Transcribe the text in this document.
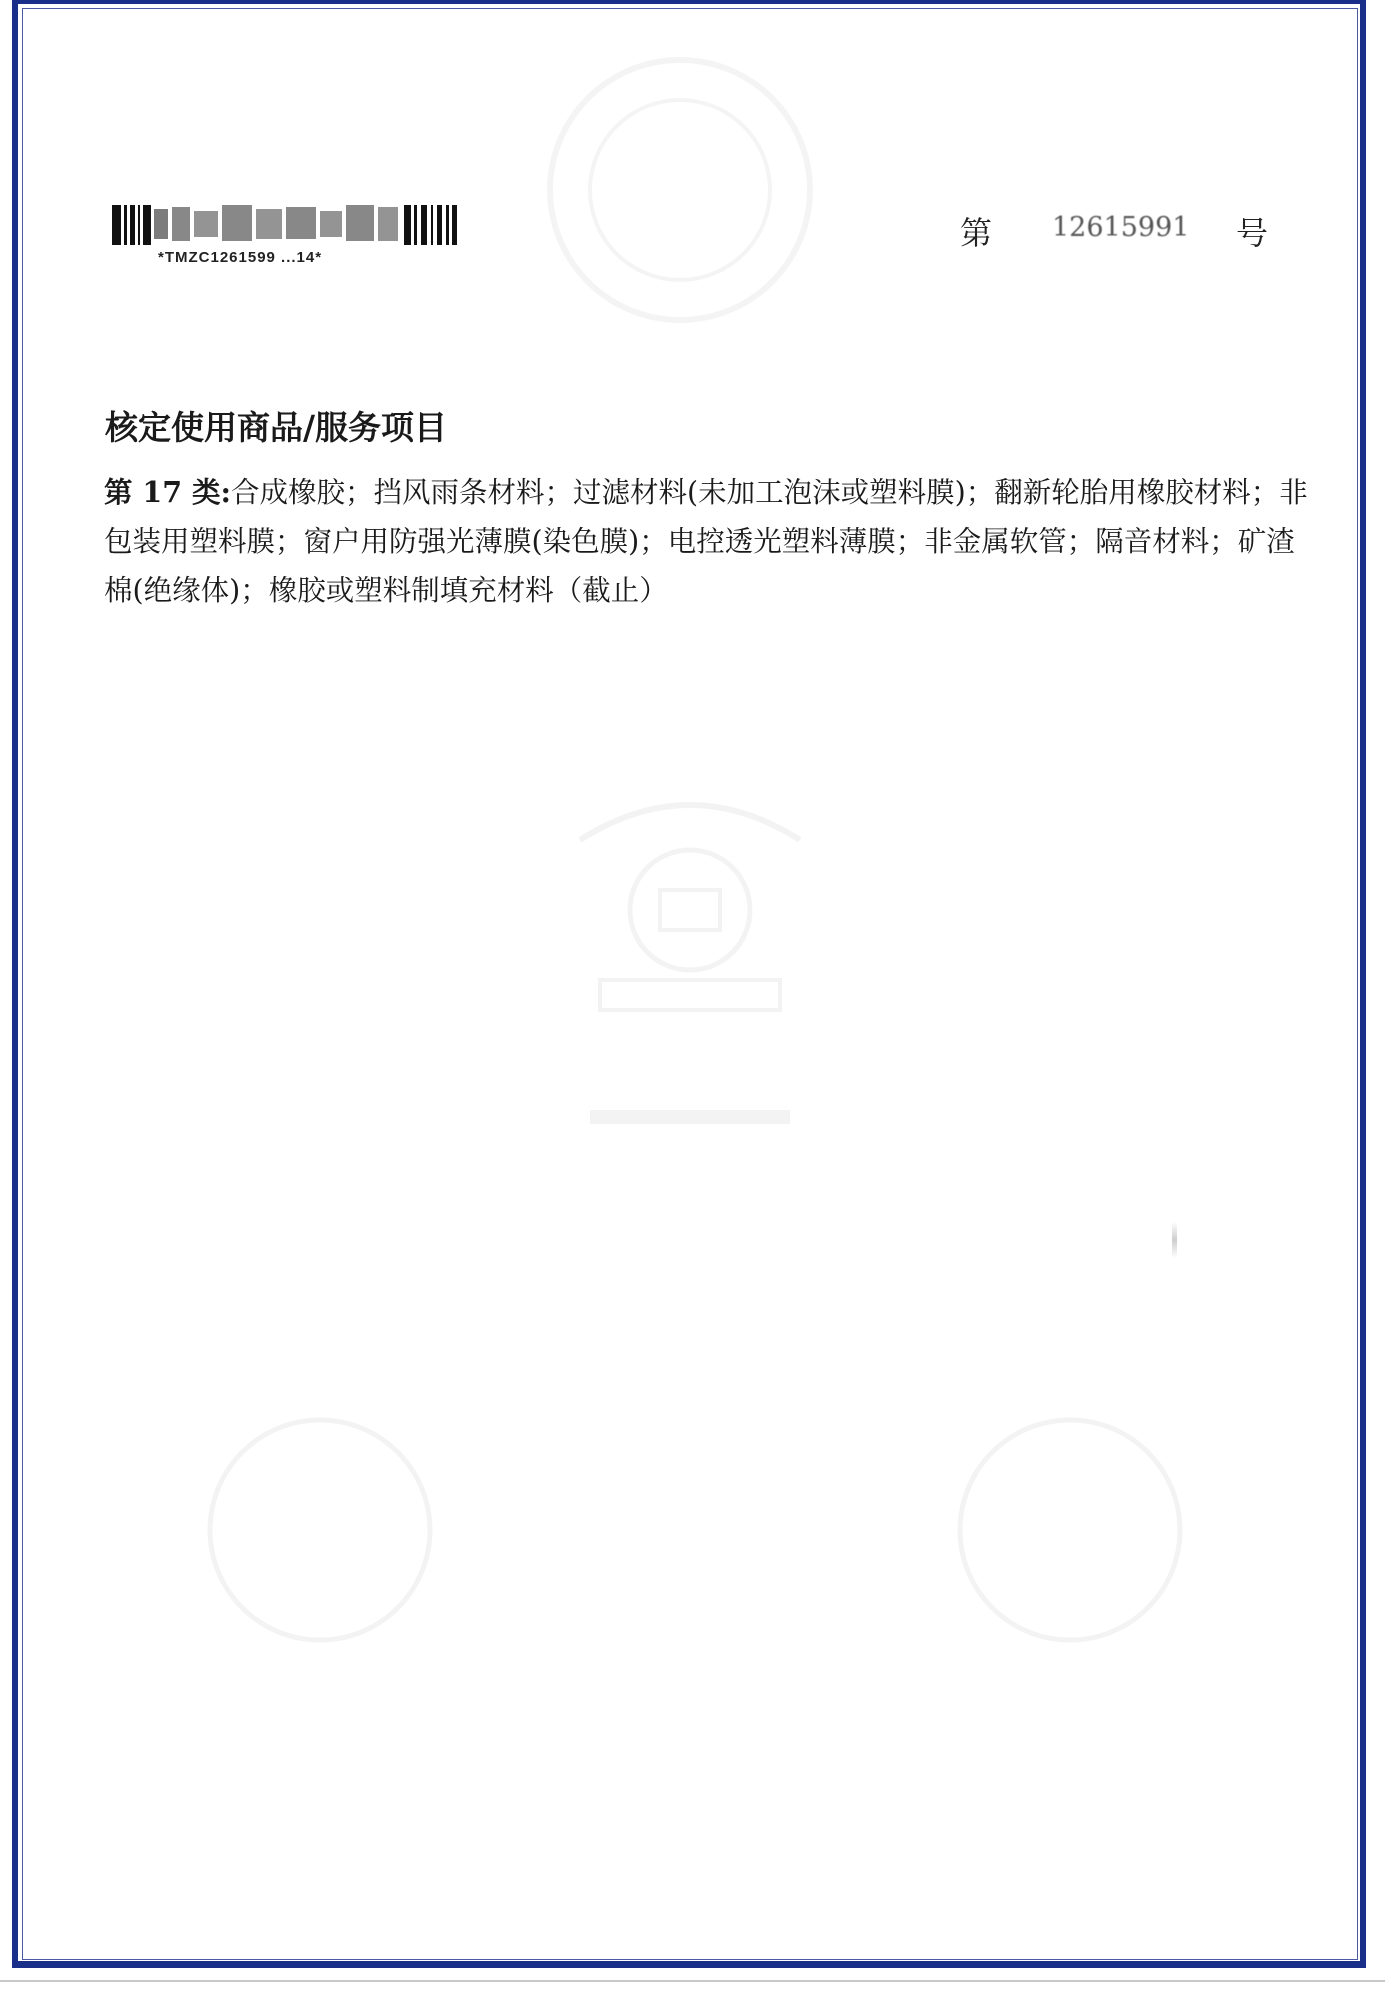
*TMZC1261599 ...14*
第 12615991 号
核定使用商品/服务项目

第 17 类:合成橡胶；挡风雨条材料；过滤材料(未加工泡沫或塑料膜)；翻新轮胎用橡胶材料；非包装用塑料膜；窗户用防强光薄膜(染色膜)；电控透光塑料薄膜；非金属软管；隔音材料；矿渣棉(绝缘体)；橡胶或塑料制填充材料（截止）
